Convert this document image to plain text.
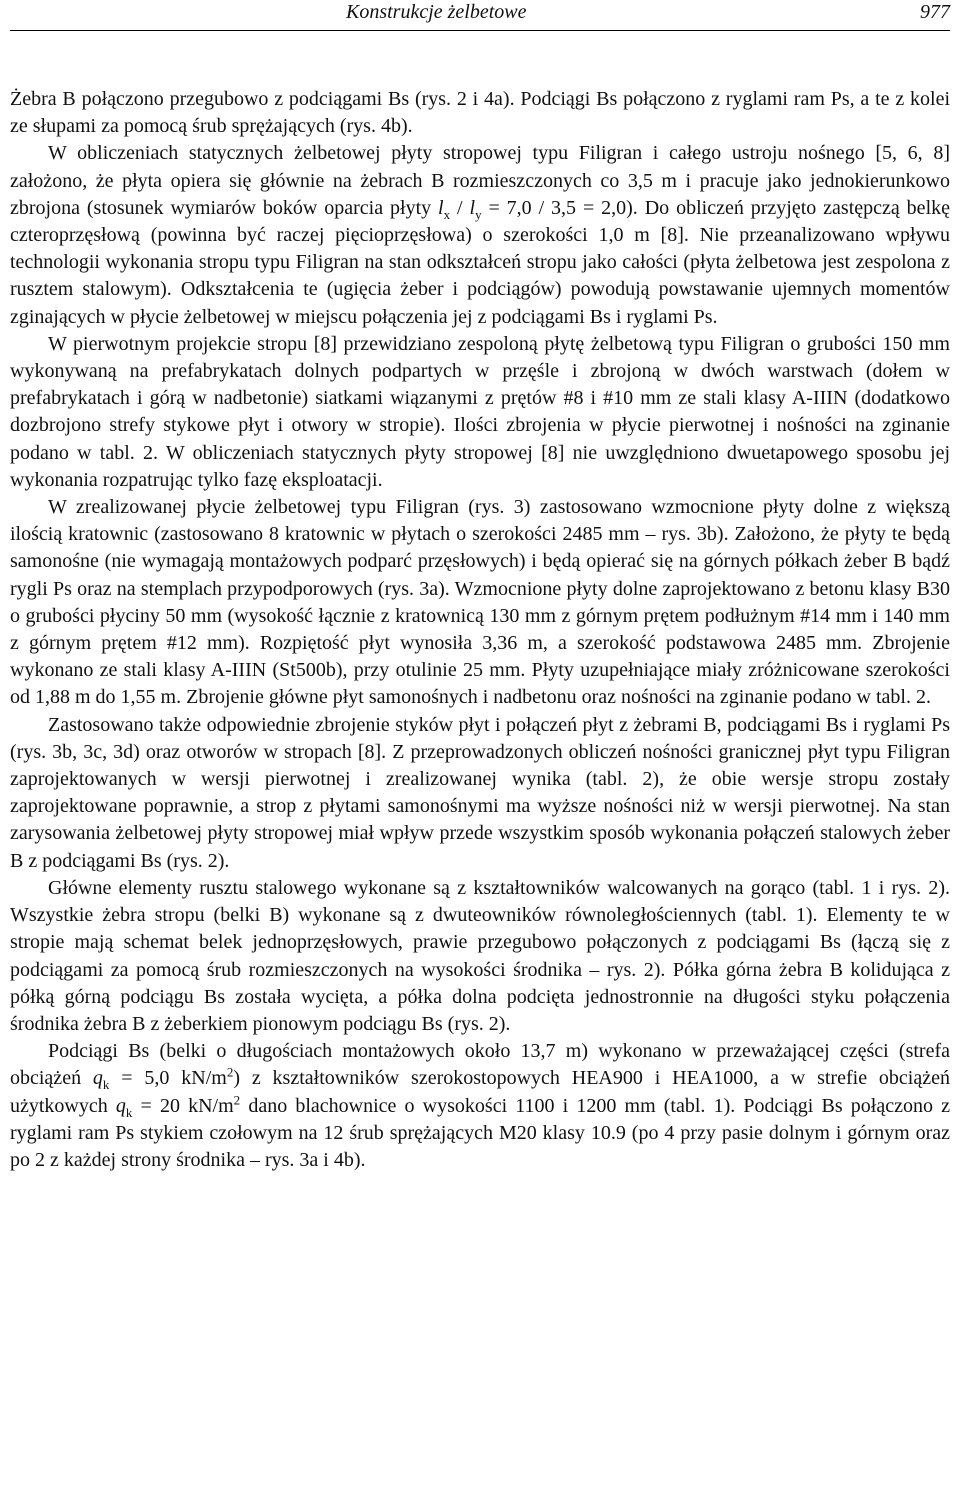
Konstrukcje żelbetowe	977

Żebra B połączono przegubowo z podciągami Bs (rys. 2 i 4a). Podciągi Bs połączono z ryglami ram Ps, a te z kolei ze słupami za pomocą śrub sprężających (rys. 4b).

W obliczeniach statycznych żelbetowej płyty stropowej typu Filigran i całego ustroju nośnego [5, 6, 8] założono, że płyta opiera się głównie na żebrach B rozmieszczonych co 3,5 m i pracuje jako jednokierunkowo zbrojona (stosunek wymiarów boków oparcia płyty $l_x / l_y = 7,0 / 3,5 = 2,0$). Do obliczeń przyjęto zastępczą belkę czteroprzęsłową (powinna być raczej pięcioprzęsłowa) o szerokości 1,0 m [8]. Nie przeanalizowano wpływu technologii wykonania stropu typu Filigran na stan odkształceń stropu jako całości (płyta żelbetowa jest zespolona z rusztem stalowym). Odkształcenia te (ugięcia żeber i podciągów) powodują powstawanie ujemnych momentów zginających w płycie żelbetowej w miejscu połączenia jej z podciągami Bs i ryglami Ps.

W pierwotnym projekcie stropu [8] przewidziano zespoloną płytę żelbetową typu Filigran o grubości 150 mm wykonywaną na prefabrykatach dolnych podpartych w przęśle i zbrojoną w dwóch warstwach (dołem w prefabrykatach i górą w nadbetonie) siatkami wiązanymi z prętów #8 i #10 mm ze stali klasy A-IIIN (dodatkowo dozbrojono strefy stykowe płyt i otwory w stropie). Ilości zbrojenia w płycie pierwotnej i nośności na zginanie podano w tabl. 2. W obliczeniach statycznych płyty stropowej [8] nie uwzględniono dwuetapowego sposobu jej wykonania rozpatrując tylko fazę eksploatacji.

W zrealizowanej płycie żelbetowej typu Filigran (rys. 3) zastosowano wzmocnione płyty dolne z większą ilością kratownic (zastosowano 8 kratownic w płytach o szerokości 2485 mm – rys. 3b). Założono, że płyty te będą samonośne (nie wymagają montażowych podparć przęsłowych) i będą opierać się na górnych półkach żeber B bądź rygli Ps oraz na stemplach przypodporowych (rys. 3a). Wzmocnione płyty dolne zaprojektowano z betonu klasy B30 o grubości płyciny 50 mm (wysokość łącznie z kratownicą 130 mm z górnym prętem podłużnym #14 mm i 140 mm z górnym prętem #12 mm). Rozpiętość płyt wynosiła 3,36 m, a szerokość podstawowa 2485 mm. Zbrojenie wykonano ze stali klasy A-IIIN (St500b), przy otulinie 25 mm. Płyty uzupełniające miały zróżnicowane szerokości od 1,88 m do 1,55 m. Zbrojenie główne płyt samonośnych i nadbetonu oraz nośności na zginanie podano w tabl. 2.

Zastosowano także odpowiednie zbrojenie styków płyt i połączeń płyt z żebrami B, podciągami Bs i ryglami Ps (rys. 3b, 3c, 3d) oraz otworów w stropach [8]. Z przeprowadzonych obliczeń nośności granicznej płyt typu Filigran zaprojektowanych w wersji pierwotnej i zrealizowanej wynika (tabl. 2), że obie wersje stropu zostały zaprojektowane poprawnie, a strop z płytami samonośnymi ma wyższe nośności niż w wersji pierwotnej. Na stan zarysowania żelbetowej płyty stropowej miał wpływ przede wszystkim sposób wykonania połączeń stalowych żeber B z podciągami Bs (rys. 2).

Główne elementy rusztu stalowego wykonane są z kształtowników walcowanych na gorąco (tabl. 1 i rys. 2). Wszystkie żebra stropu (belki B) wykonane są z dwuteowników równoległościennych (tabl. 1). Elementy te w stropie mają schemat belek jednoprzęsłowych, prawie przegubowo połączonych z podciągami Bs (łączą się z podciągami za pomocą śrub rozmieszczonych na wysokości środnika – rys. 2). Półka górna żebra B kolidująca z półką górną podciągu Bs została wycięta, a półka dolna podcięta jednostronnie na długości styku połączenia środnika żebra B z żeberkiem pionowym podciągu Bs (rys. 2).

Podciągi Bs (belki o długościach montażowych około 13,7 m) wykonano w przeważającej części (strefa obciążeń $q_k = 5,0$ $kN/m^2$) z kształtowników szerokostopowych HEA900 i HEA1000, a w strefie obciążeń użytkowych $q_k = 20$ $kN/m^2$ dano blachownice o wysokości 1100 i 1200 mm (tabl. 1). Podciągi Bs połączono z ryglami ram Ps stykiem czołowym na 12 śrub sprężających M20 klasy 10.9 (po 4 przy pasie dolnym i górnym oraz po 2 z każdej strony środnika – rys. 3a i 4b).
